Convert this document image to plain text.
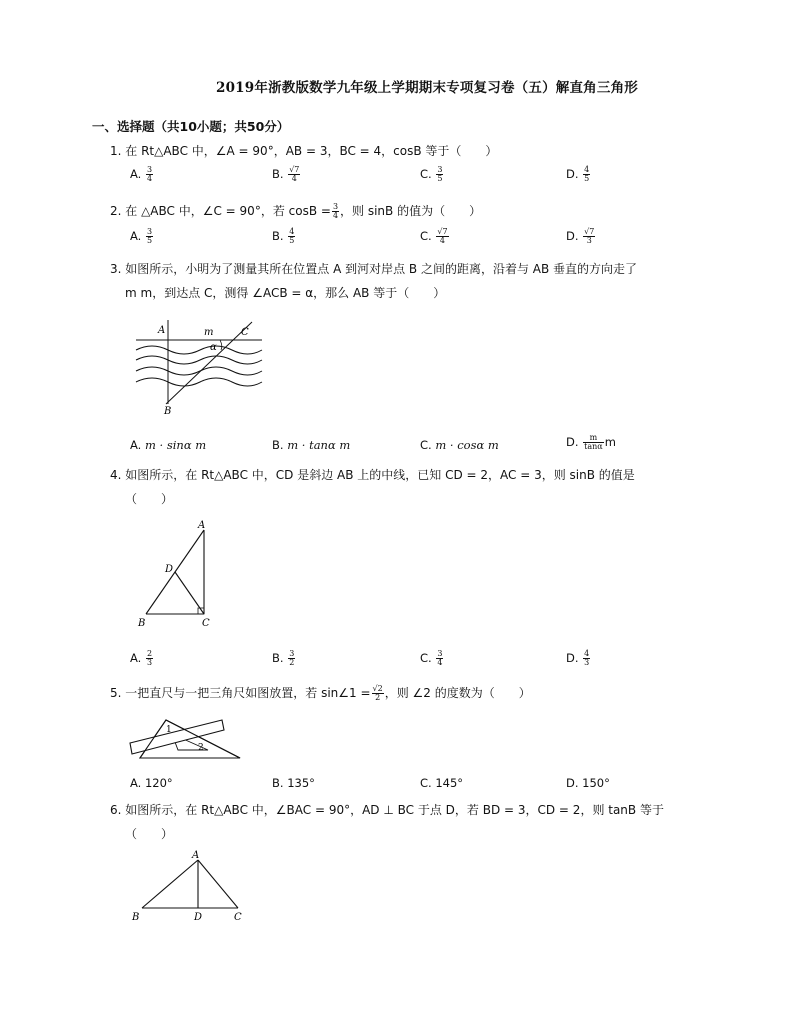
2019年浙教版数学九年级上学期期末专项复习卷（五）解直角三角形
一、选择题（共10小题；共50分）
1. 在 Rt△ABC 中，∠A = 90°，AB = 3，BC = 4，cosB 等于（　　）
A. $\frac{3}{4}$	B. $\frac{√7}{4}$	C. $\frac{3}{5}$	D. $\frac{4}{5}$
2. 在 △ABC 中，∠C = 90°，若 $\cos B = \frac{3}{4}$ ，则 sinB 的值为（　　）
A. $\frac{3}{5}$	B. $\frac{4}{5}$	C. $\frac{√7}{4}$	D. $\frac{√7}{3}$
3. 如图所示，小明为了测量其所在位置点 A 到河对岸点 B 之间的距离，沿着与 AB 垂直的方向走了
m m，到达点 C，测得 ∠ACB = α，那么 AB 等于（　　）
A	m	C
α
B
A. m · sinα m	B. m · tanα m	C. m · cosα m	D. $\frac{m}{\tan\alpha}$ m
4. 如图所示，在 Rt△ABC 中，CD 是斜边 AB 上的中线，已知 CD = 2，AC = 3，则 sinB 的值是
（　　）
A
D
B	C
A. $\frac{2}{3}$	B. $\frac{3}{2}$	C. $\frac{3}{4}$	D. $\frac{4}{3}$
5. 一把直尺与一把三角尺如图放置，若 sin∠1 = $\frac{√2}{2}$ ，则 ∠2 的度数为（　　）
1
2
A. 120°	B. 135°	C. 145°	D. 150°
6. 如图所示，在 Rt△ABC 中，∠BAC = 90°，AD ⊥ BC 于点 D，若 BD = 3，CD = 2，则 tanB 等于
（　　）
A
B	D	C
